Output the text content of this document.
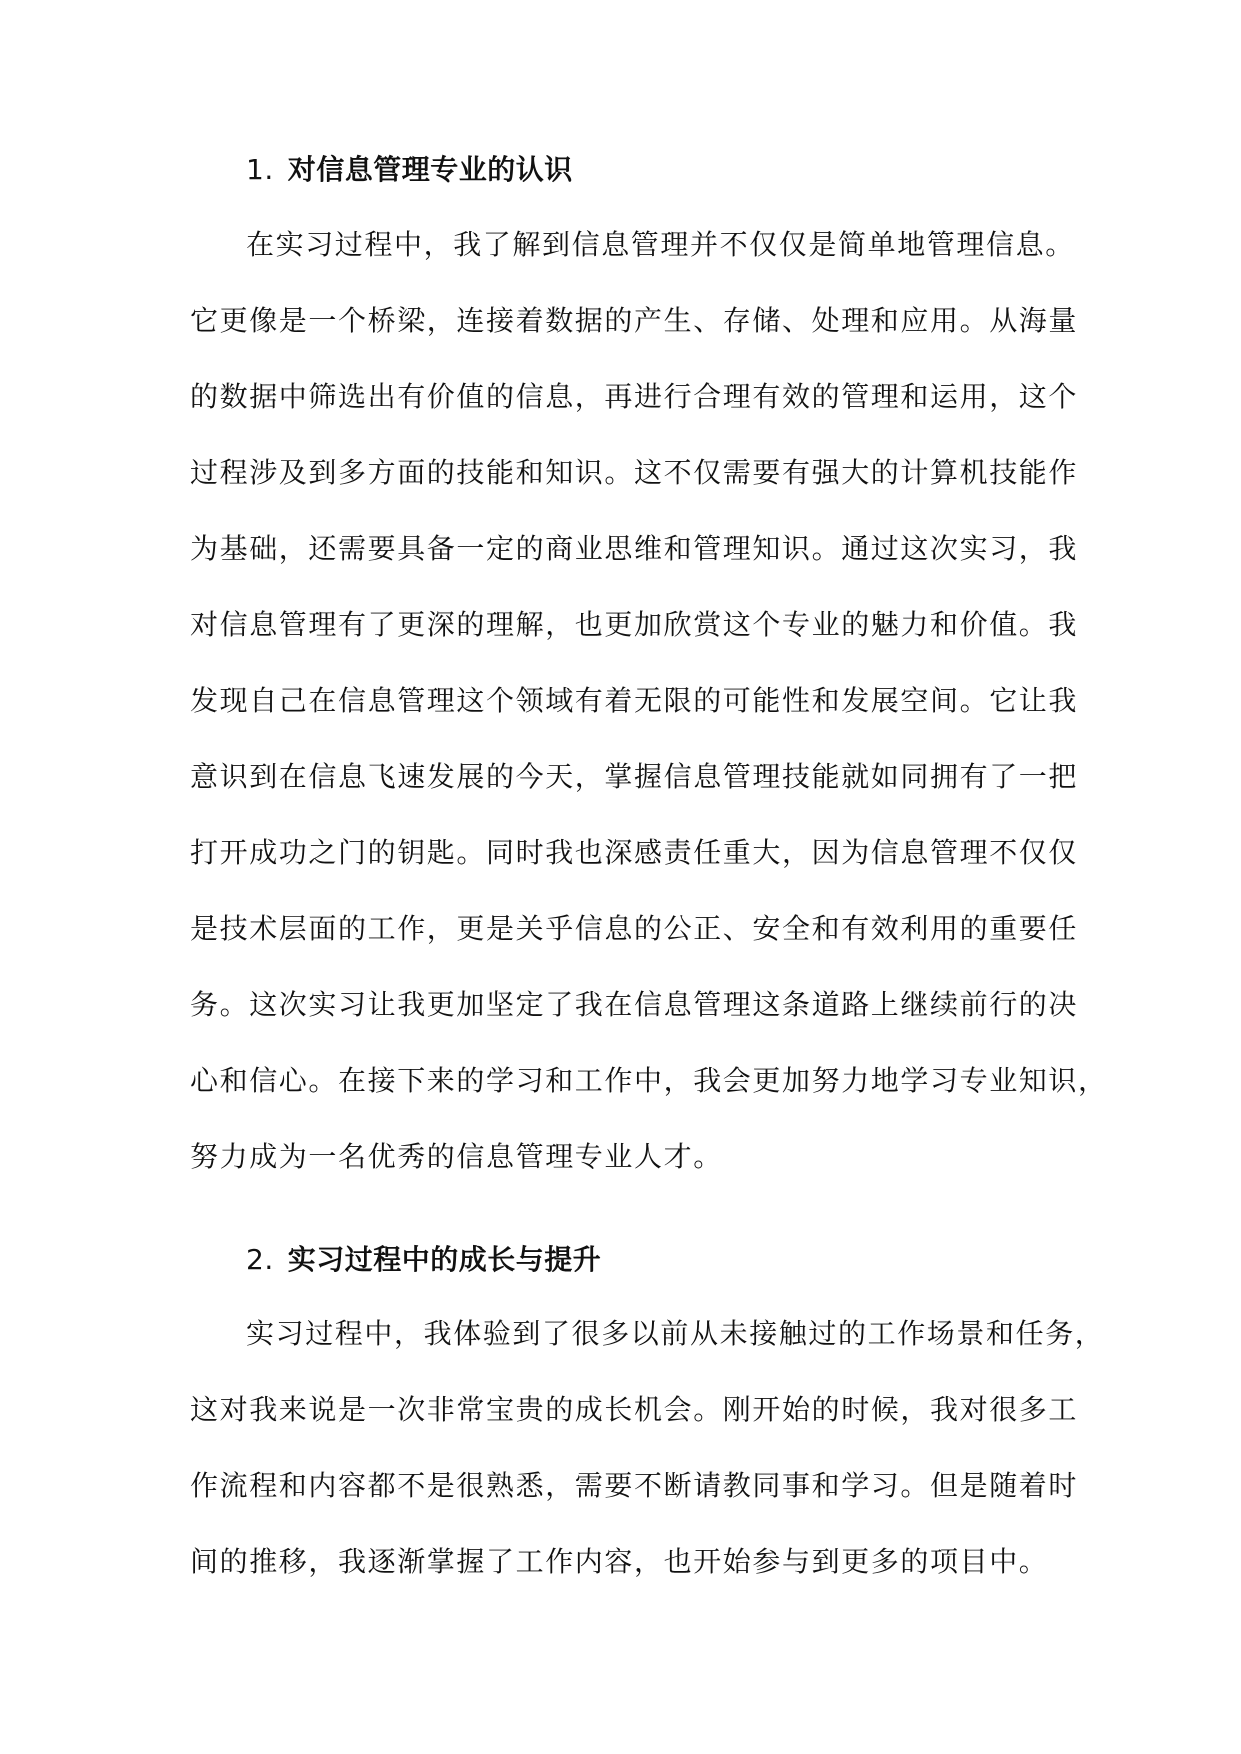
1. 对信息管理专业的认识
在实习过程中，我了解到信息管理并不仅仅是简单地管理信息。
它更像是一个桥梁，连接着数据的产生、存储、处理和应用。从海量
的数据中筛选出有价值的信息，再进行合理有效的管理和运用，这个
过程涉及到多方面的技能和知识。这不仅需要有强大的计算机技能作
为基础，还需要具备一定的商业思维和管理知识。通过这次实习，我
对信息管理有了更深的理解，也更加欣赏这个专业的魅力和价值。我
发现自己在信息管理这个领域有着无限的可能性和发展空间。它让我
意识到在信息飞速发展的今天，掌握信息管理技能就如同拥有了一把
打开成功之门的钥匙。同时我也深感责任重大，因为信息管理不仅仅
是技术层面的工作，更是关乎信息的公正、安全和有效利用的重要任
务。这次实习让我更加坚定了我在信息管理这条道路上继续前行的决
心和信心。在接下来的学习和工作中，我会更加努力地学习专业知识，
努力成为一名优秀的信息管理专业人才。
2. 实习过程中的成长与提升
实习过程中，我体验到了很多以前从未接触过的工作场景和任务，
这对我来说是一次非常宝贵的成长机会。刚开始的时候，我对很多工
作流程和内容都不是很熟悉，需要不断请教同事和学习。但是随着时
间的推移，我逐渐掌握了工作内容，也开始参与到更多的项目中。
